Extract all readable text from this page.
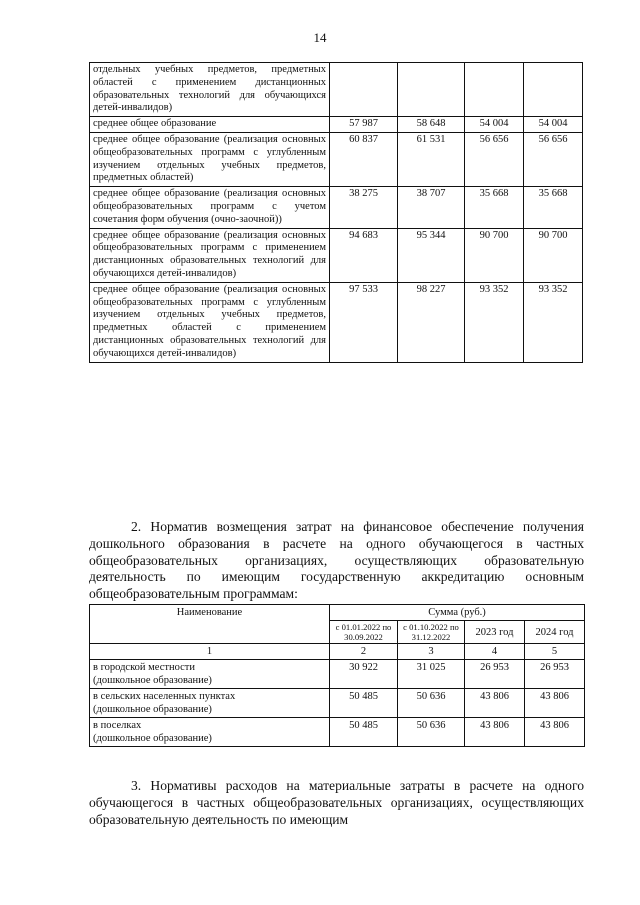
14
отдельных учебных предметов, предметных областей с применением дистанционных образовательных технологий для обучающихся детей-инвалидов)				
среднее общее образование	57 987	58 648	54 004	54 004
среднее общее образование (реализация основных общеобразовательных программ с углубленным изучением отдельных учебных предметов, предметных областей)	60 837	61 531	56 656	56 656
среднее общее образование (реализация основных общеобразовательных программ с учетом сочетания форм обучения (очно-заочной))	38 275	38 707	35 668	35 668
среднее общее образование (реализация основных общеобразовательных программ с применением дистанционных образовательных технологий для обучающихся детей-инвалидов)	94 683	95 344	90 700	90 700
среднее общее образование (реализация основных общеобразовательных программ с углубленным изучением отдельных учебных предметов, предметных областей с применением дистанционных образовательных технологий для обучающихся детей-инвалидов)	97 533	98 227	93 352	93 352
2. Норматив возмещения затрат на финансовое обеспечение получения дошкольного образования в расчете на одного обучающегося в частных общеобразовательных организациях, осуществляющих образовательную деятельность по имеющим государственную аккредитацию основным общеобразовательным программам:
Наименование	Сумма (руб.)			
	с 01.01.2022 по 30.09.2022	с 01.10.2022 по 31.12.2022	2023 год	2024 год
1	2	3	4	5

в городской местности
(дошкольное образование)	30 922	31 025	26 953	26 953

в сельских населенных пунктах
(дошкольное образование)	50 485	50 636	43 806	43 806

в поселках
(дошкольное образование)	50 485	50 636	43 806	43 806
3. Нормативы расходов на материальные затраты в расчете на одного обучающегося в частных общеобразовательных организациях, осуществляющих образовательную деятельность по имеющим
